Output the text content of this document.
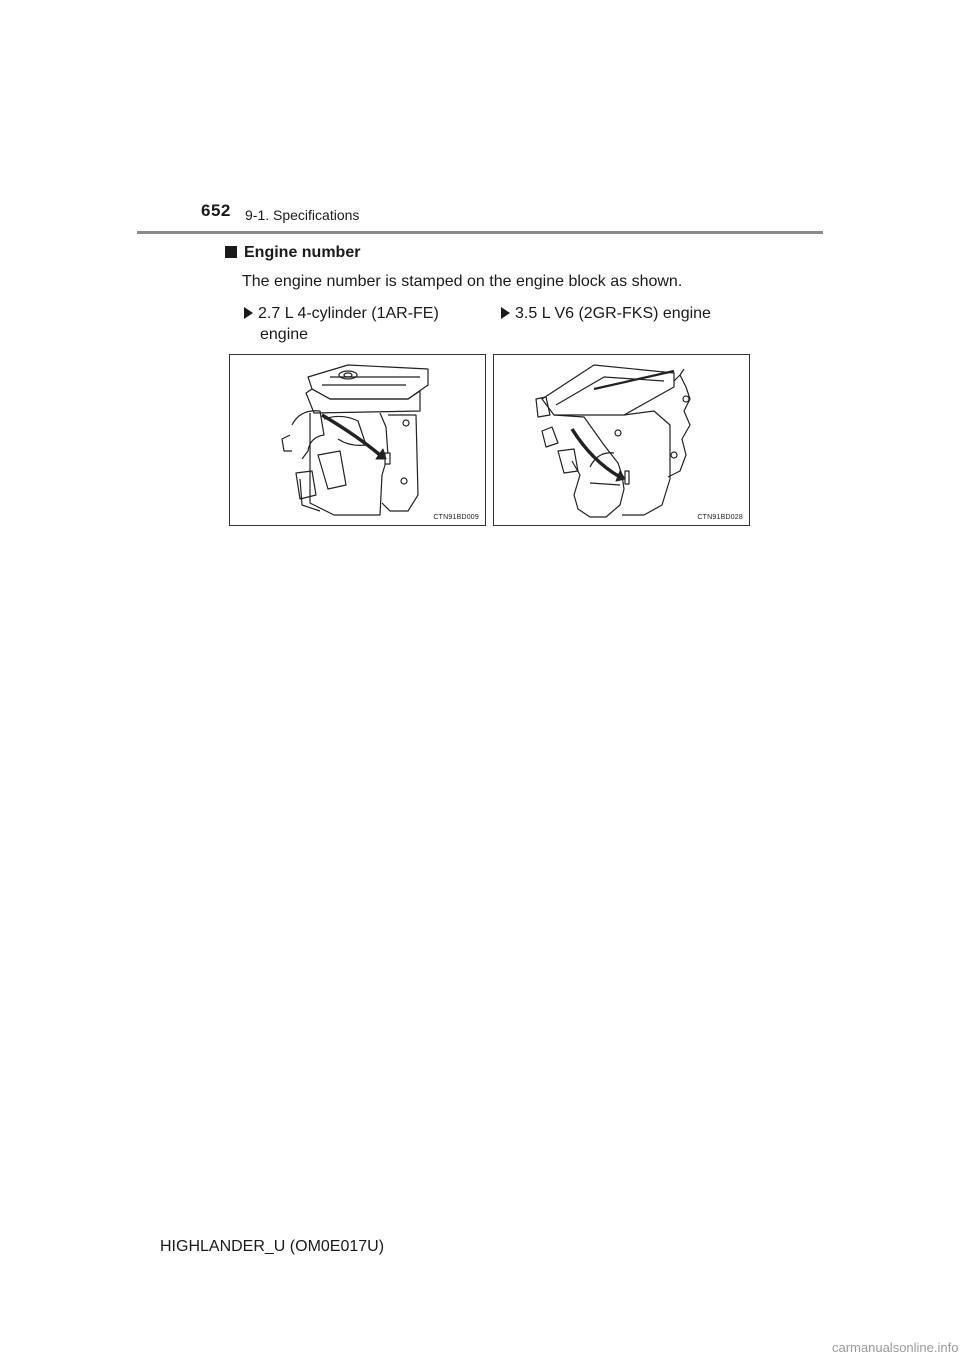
652 9-1. Specifications
Engine number
The engine number is stamped on the engine block as shown.
2.7 L 4-cylinder (1AR-FE)
engine
3.5 L V6 (2GR-FKS) engine
CTN91BD009	CTN91BD028
HIGHLANDER_U (OM0E017U)
carmanualsonline.info
